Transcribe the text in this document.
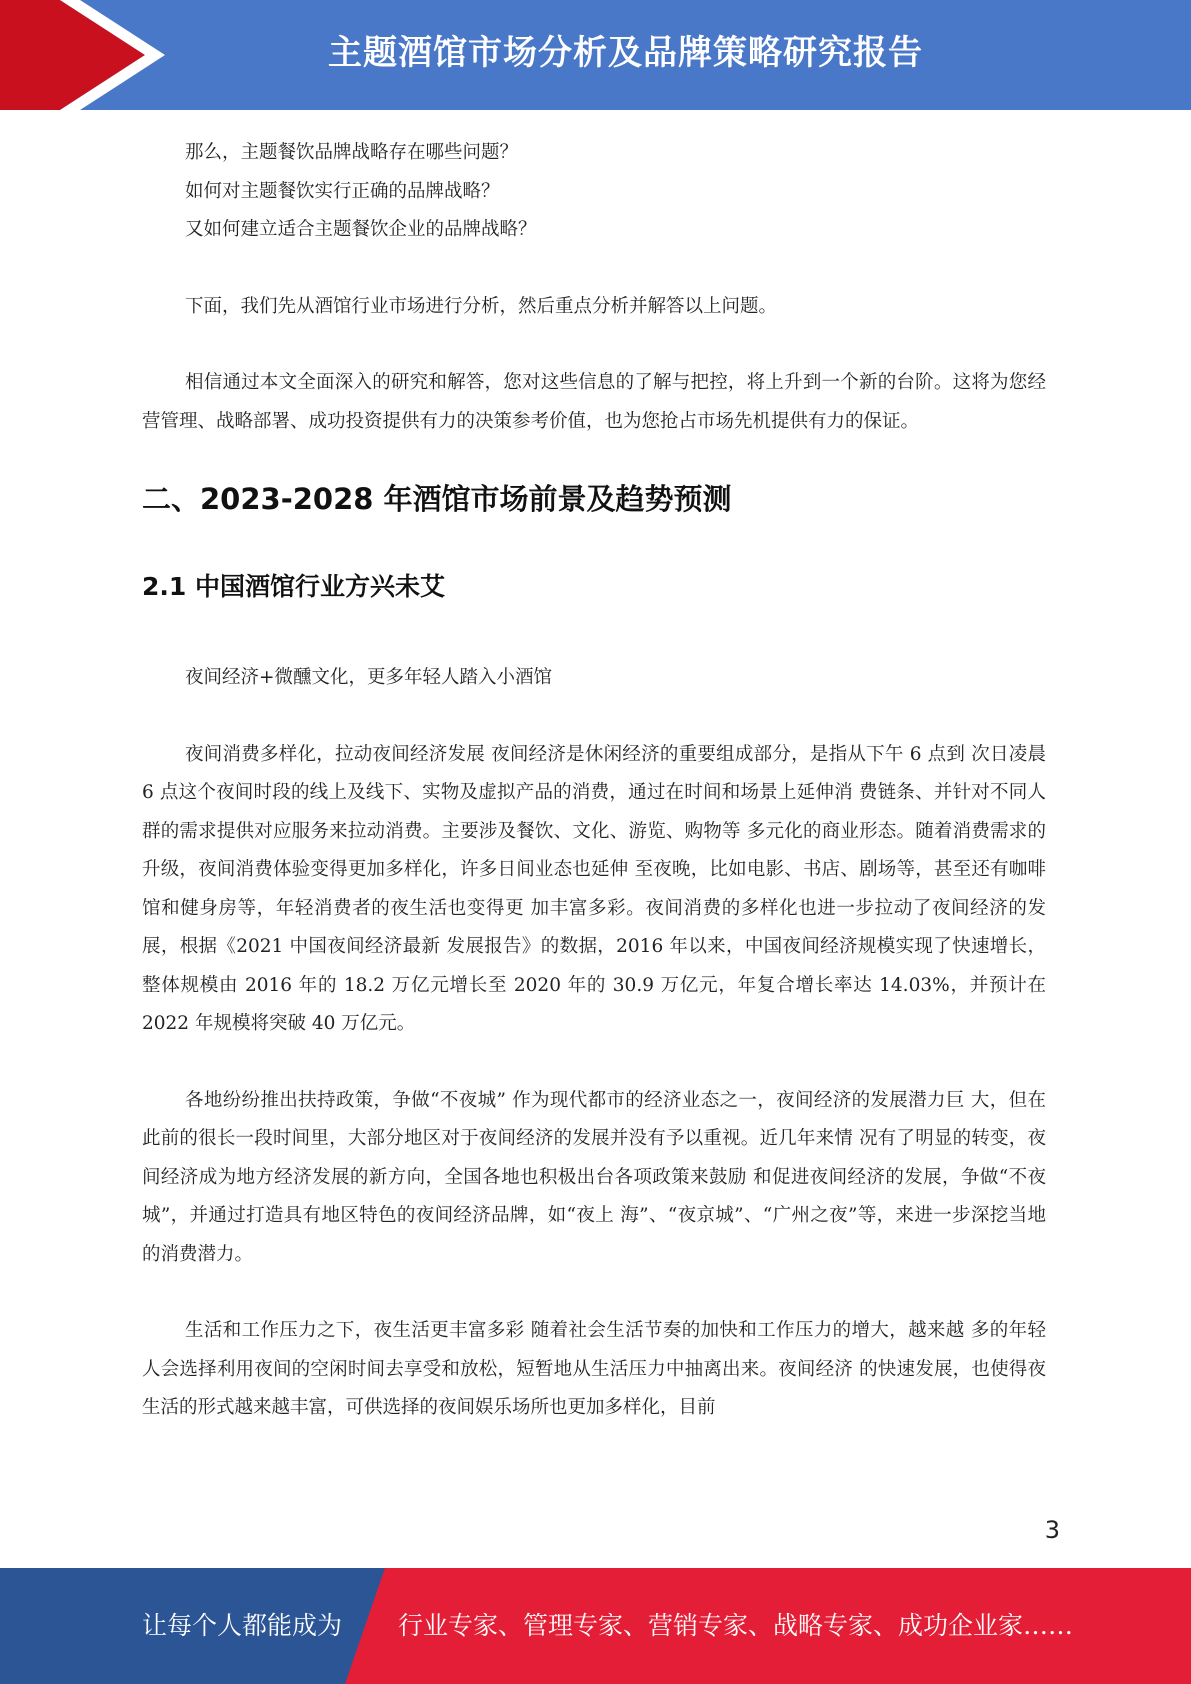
主题酒馆市场分析及品牌策略研究报告

那么，主题餐饮品牌战略存在哪些问题？

如何对主题餐饮实行正确的品牌战略？

又如何建立适合主题餐饮企业的品牌战略？

下面，我们先从酒馆行业市场进行分析，然后重点分析并解答以上问题。

相信通过本文全面深入的研究和解答，您对这些信息的了解与把控，将上升到一个新的台阶。这将为您经营管理、战略部署、成功投资提供有力的决策参考价值，也为您抢占市场先机提供有力的保证。

二、2023-2028 年酒馆市场前景及趋势预测
2.1 中国酒馆行业方兴未艾

夜间经济+微醺文化，更多年轻人踏入小酒馆

夜间消费多样化，拉动夜间经济发展 夜间经济是休闲经济的重要组成部分，是指从下午 6 点到 次日凌晨 6 点这个夜间时段的线上及线下、实物及虚拟产品的消费，通过在时间和场景上延伸消 费链条、并针对不同人群的需求提供对应服务来拉动消费。主要涉及餐饮、文化、游览、购物等 多元化的商业形态。随着消费需求的升级，夜间消费体验变得更加多样化，许多日间业态也延伸 至夜晚，比如电影、书店、剧场等，甚至还有咖啡馆和健身房等，年轻消费者的夜生活也变得更 加丰富多彩。夜间消费的多样化也进一步拉动了夜间经济的发展，根据《2021 中国夜间经济最新 发展报告》的数据，2016 年以来，中国夜间经济规模实现了快速增长，整体规模由 2016 年的 18.2 万亿元增长至 2020 年的 30.9 万亿元，年复合增长率达 14.03%，并预计在 2022 年规模将突破 40 万亿元。

各地纷纷推出扶持政策，争做“不夜城” 作为现代都市的经济业态之一，夜间经济的发展潜力巨 大，但在此前的很长一段时间里，大部分地区对于夜间经济的发展并没有予以重视。近几年来情 况有了明显的转变，夜间经济成为地方经济发展的新方向，全国各地也积极出台各项政策来鼓励 和促进夜间经济的发展，争做“不夜城”，并通过打造具有地区特色的夜间经济品牌，如“夜上 海”、“夜京城”、“广州之夜”等，来进一步深挖当地的消费潜力。

生活和工作压力之下，夜生活更丰富多彩 随着社会生活节奏的加快和工作压力的增大，越来越 多的年轻人会选择利用夜间的空闲时间去享受和放松，短暂地从生活压力中抽离出来。夜间经济 的快速发展，也使得夜生活的形式越来越丰富，可供选择的夜间娱乐场所也更加多样化，目前

3
让每个人都能成为 行业专家、管理专家、营销专家、战略专家、成功企业家……
